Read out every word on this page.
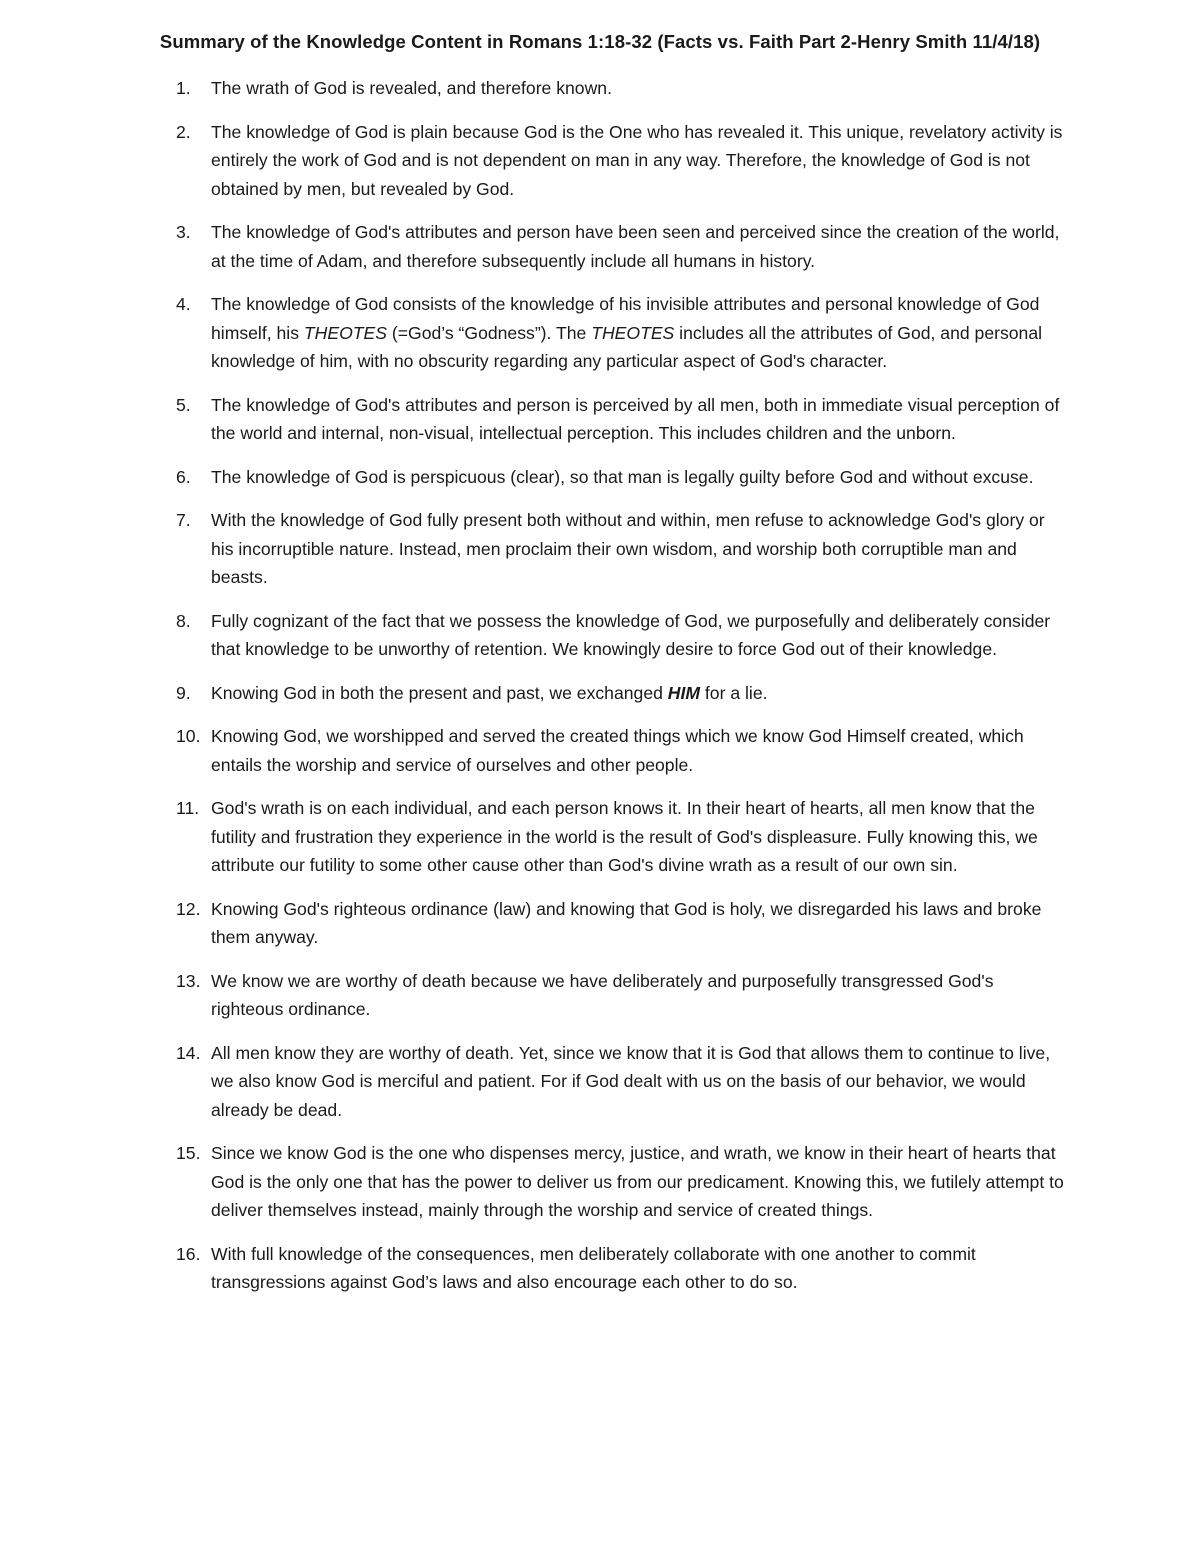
Summary of the Knowledge Content in Romans 1:18-32 (Facts vs. Faith Part 2-Henry Smith 11/4/18)
1.	The wrath of God is revealed, and therefore known.
2.	The knowledge of God is plain because God is the One who has revealed it. This unique, revelatory activity is entirely the work of God and is not dependent on man in any way. Therefore, the knowledge of God is not obtained by men, but revealed by God.
3.	The knowledge of God's attributes and person have been seen and perceived since the creation of the world, at the time of Adam, and therefore subsequently include all humans in history.
4.	The knowledge of God consists of the knowledge of his invisible attributes and personal knowledge of God himself, his THEOTES (=God’s “Godness”). The THEOTES includes all the attributes of God, and personal knowledge of him, with no obscurity regarding any particular aspect of God's character.
5.	The knowledge of God's attributes and person is perceived by all men, both in immediate visual perception of the world and internal, non-visual, intellectual perception. This includes children and the unborn.
6.	The knowledge of God is perspicuous (clear), so that man is legally guilty before God and without excuse.
7.	With the knowledge of God fully present both without and within, men refuse to acknowledge God's glory or his incorruptible nature. Instead, men proclaim their own wisdom, and worship both corruptible man and beasts.
8.	Fully cognizant of the fact that we possess the knowledge of God, we purposefully and deliberately consider that knowledge to be unworthy of retention. We knowingly desire to force God out of their knowledge.
9.	Knowing God in both the present and past, we exchanged HIM for a lie.
10. Knowing God, we worshipped and served the created things which we know God Himself created, which entails the worship and service of ourselves and other people.
11. God's wrath is on each individual, and each person knows it. In their heart of hearts, all men know that the futility and frustration they experience in the world is the result of God's displeasure. Fully knowing this, we attribute our futility to some other cause other than God's divine wrath as a result of our own sin.
12. Knowing God's righteous ordinance (law) and knowing that God is holy, we disregarded his laws and broke them anyway.
13. We know we are worthy of death because we have deliberately and purposefully transgressed God's righteous ordinance.
14. All men know they are worthy of death. Yet, since we know that it is God that allows them to continue to live, we also know God is merciful and patient. For if God dealt with us on the basis of our behavior, we would already be dead.
15. Since we know God is the one who dispenses mercy, justice, and wrath, we know in their heart of hearts that God is the only one that has the power to deliver us from our predicament. Knowing this, we futilely attempt to deliver themselves instead, mainly through the worship and service of created things.
16. With full knowledge of the consequences, men deliberately collaborate with one another to commit transgressions against God’s laws and also encourage each other to do so.
